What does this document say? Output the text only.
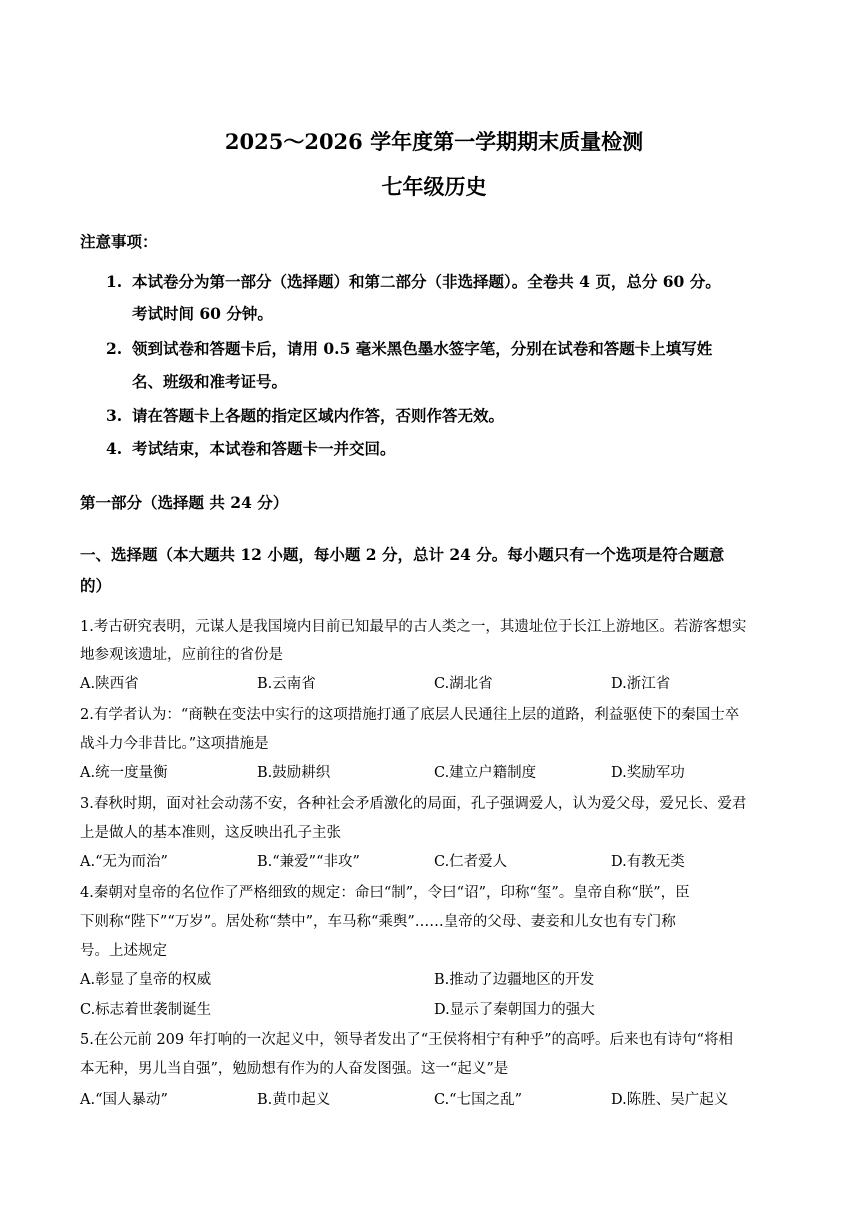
2025～2026 学年度第一学期期末质量检测
七年级历史
注意事项：
1. 本试卷分为第一部分（选择题）和第二部分（非选择题）。全卷共 4 页，总分 60 分。
考试时间 60 分钟。
2. 领到试卷和答题卡后，请用 0.5 毫米黑色墨水签字笔，分别在试卷和答题卡上填写姓
名、班级和准考证号。
3. 请在答题卡上各题的指定区域内作答，否则作答无效。
4. 考试结束，本试卷和答题卡一并交回。
第一部分（选择题 共 24 分）
一、选择题（本大题共 12 小题，每小题 2 分，总计 24 分。每小题只有一个选项是符合题意
的）
1.考古研究表明，元谋人是我国境内目前已知最早的古人类之一，其遗址位于长江上游地区。若游客想实
地参观该遗址，应前往的省份是
A.陕西省	B.云南省	C.湖北省	D.浙江省
2.有学者认为：“商鞅在变法中实行的这项措施打通了底层人民通往上层的道路，利益驱使下的秦国士卒
战斗力今非昔比。”这项措施是
A.统一度量衡	B.鼓励耕织	C.建立户籍制度	D.奖励军功
3.春秋时期，面对社会动荡不安，各种社会矛盾激化的局面，孔子强调爱人，认为爱父母，爱兄长、爱君
上是做人的基本准则，这反映出孔子主张
A.“无为而治”	B.“兼爱”“非攻”	C.仁者爱人	D.有教无类
4.秦朝对皇帝的名位作了严格细致的规定：命曰“制”，令曰“诏”，印称“玺”。皇帝自称“朕”，臣
下则称“陛下”“万岁”。居处称“禁中”，车马称“乘舆”……皇帝的父母、妻妾和儿女也有专门称
号。上述规定
A.彰显了皇帝的权威	B.推动了边疆地区的开发
C.标志着世袭制诞生	D.显示了秦朝国力的强大
5.在公元前 209 年打响的一次起义中，领导者发出了“王侯将相宁有种乎”的高呼。后来也有诗句“将相
本无种，男儿当自强”，勉励想有作为的人奋发图强。这一“起义”是
A.“国人暴动”	B.黄巾起义	C.“七国之乱”	D.陈胜、吴广起义
